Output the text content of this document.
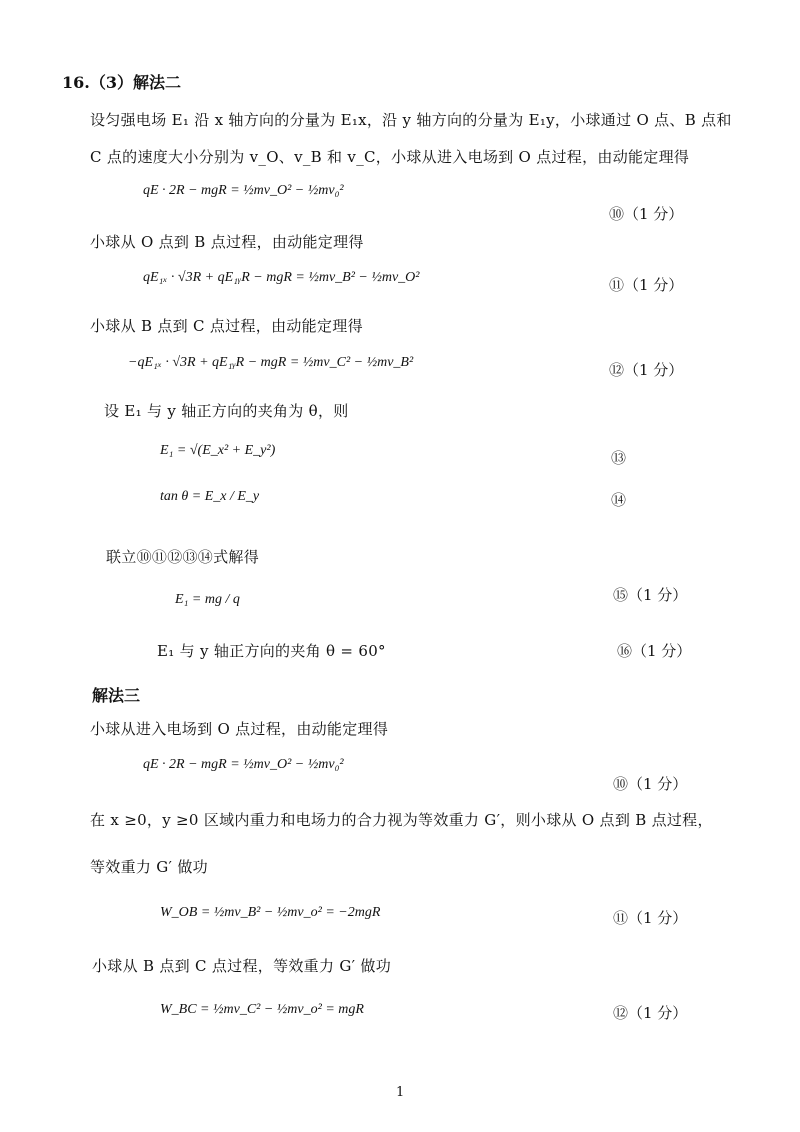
16.（3）解法二
设匀强电场 E₁ 沿 x 轴方向的分量为 E₁x，沿 y 轴方向的分量为 E₁y，小球通过 O 点、B 点和
C 点的速度大小分别为 v_O、v_B 和 v_C，小球从进入电场到 O 点过程，由动能定理得
qE · 2R − mgR = ½mv_O² − ½mv₀²
⑩（1 分）
小球从 O 点到 B 点过程，由动能定理得
qE₁ₓ · √3R + qE₁ᵧR − mgR = ½mv_B² − ½mv_O²	⑪（1 分）
小球从 B 点到 C 点过程，由动能定理得
−qE₁ₓ · √3R + qE₁ᵧR − mgR = ½mv_C² − ½mv_B²	⑫（1 分）
设 E₁ 与 y 轴正方向的夹角为 θ，则
E₁ = √(E_x² + E_y²)	⑬
tan θ = E_x / E_y	⑭
联立⑩⑪⑫⑬⑭式解得
E₁ = mg / q	⑮（1 分）
E₁ 与 y 轴正方向的夹角 θ = 60°	⑯（1 分）
解法三
小球从进入电场到 O 点过程，由动能定理得
qE · 2R − mgR = ½mv_O² − ½mv₀²
⑩（1 分）
在 x ≥0，y ≥0 区域内重力和电场力的合力视为等效重力 G′，则小球从 O 点到 B 点过程，
等效重力 G′ 做功
W_OB = ½mv_B² − ½mv_o² = −2mgR	⑪（1 分）
小球从 B 点到 C 点过程，等效重力 G′ 做功
W_BC = ½mv_C² − ½mv_o² = mgR	⑫（1 分）
1
